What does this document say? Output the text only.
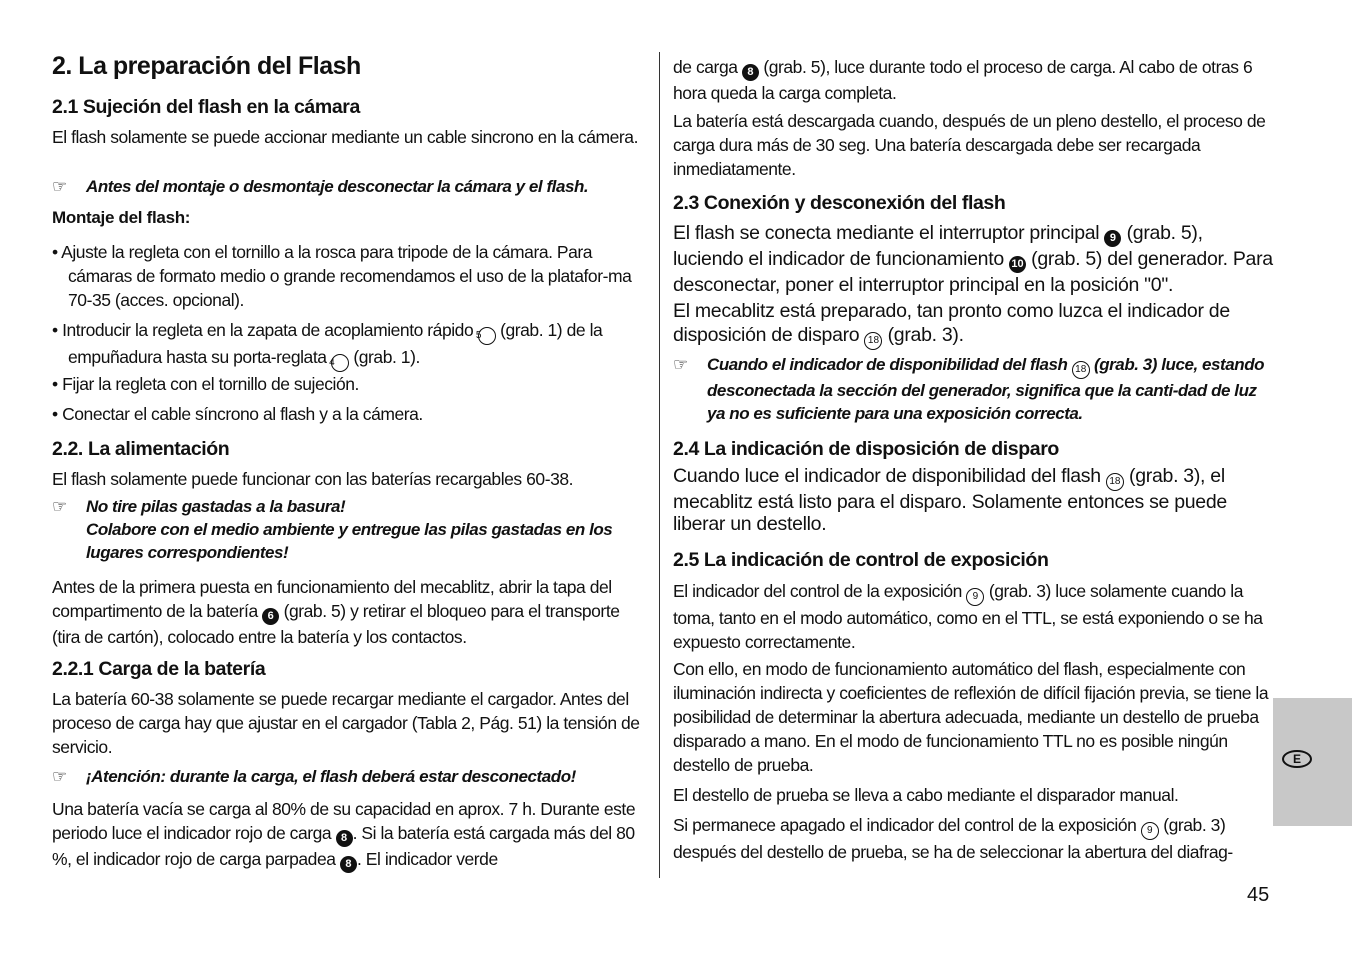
2. La preparación del Flash
2.1 Sujeción del flash en la cámara

El flash solamente se puede accionar mediante un cable sincrono en la cámera.

☞	Antes del montaje o desmontaje desconectar la cámara y el flash.

Montaje del flash:

• Ajuste la regleta con el tornillo a la rosca para tripode de la cámara. Para cámaras de formato medio o grande recomendamos el uso de la platafor-ma 70-35 (acces. opcional).

• Introducir la regleta en la zapata de acoplamiento rápido 5 (grab. 1) de la empuñadura hasta su porta-reglata 4 (grab. 1).

• Fijar la regleta con el tornillo de sujeción.

• Conectar el cable síncrono al flash y a la cámera.

2.2. La alimentación

El flash solamente puede funcionar con las baterías recargables 60-38.

☞	No tire pilas gastadas a la basura!
Colabore con el medio ambiente y entregue las pilas gastadas en los lugares correspondientes!

Antes de la primera puesta en funcionamiento del mecablitz, abrir la tapa del compartimento de la batería 6 (grab. 5) y retirar el bloqueo para el transporte (tira de cartón), colocado entre la batería y los contactos.

2.2.1 Carga de la batería

La batería 60-38 solamente se puede recargar mediante el cargador. Antes del proceso de carga hay que ajustar en el cargador (Tabla 2, Pág. 51) la tensión de servicio.

☞	¡Atención: durante la carga, el flash deberá estar desconectado!

Una batería vacía se carga al 80% de su capacidad en aprox. 7 h. Durante este periodo luce el indicador rojo de carga 8 . Si la batería está cargada más del 80 %, el indicador rojo de carga parpadea 8 . El indicador verde

de carga 8 (grab. 5), luce durante todo el proceso de carga. Al cabo de otras 6 hora queda la carga completa.

La batería está descargada cuando, después de un pleno destello, el proceso de carga dura más de 30 seg. Una batería descargada debe ser recargada inmediatamente.

2.3 Conexión y desconexión del flash

El flash se conecta mediante el interruptor principal 9 (grab. 5), luciendo el indicador de funcionamiento 10 (grab. 5) del generador. Para desconectar, poner el interruptor principal en la posición "0".

El mecablitz está preparado, tan pronto como luzca el indicador de disposición de disparo 18 (grab. 3).

☞	Cuando el indicador de disponibilidad del flash 18 (grab. 3) luce, estando desconectada la sección del generador, significa que la canti-dad de luz ya no es suficiente para una exposición correcta.

2.4 La indicación de disposición de disparo

Cuando luce el indicador de disponibilidad del flash 18 (grab. 3), el mecablitz está listo para el disparo. Solamente entonces se puede liberar un destello.

2.5 La indicación de control de exposición

El indicador del control de la exposición 9 (grab. 3) luce solamente cuando la toma, tanto en el modo automático, como en el TTL, se está exponiendo o se ha expuesto correctamente.

Con ello, en modo de funcionamiento automático del flash, especialmente con iluminación indirecta y coeficientes de reflexión de difícil fijación previa, se tiene la posibilidad de determinar la abertura adecuada, mediante un destello de prueba disparado a mano. En el modo de funcionamiento TTL no es posible ningún destello de prueba.

El destello de prueba se lleva a cabo mediante el disparador manual.

Si permanece apagado el indicador del control de la exposición 9 (grab. 3) después del destello de prueba, se ha de seleccionar la abertura del diafrag-

E
45
